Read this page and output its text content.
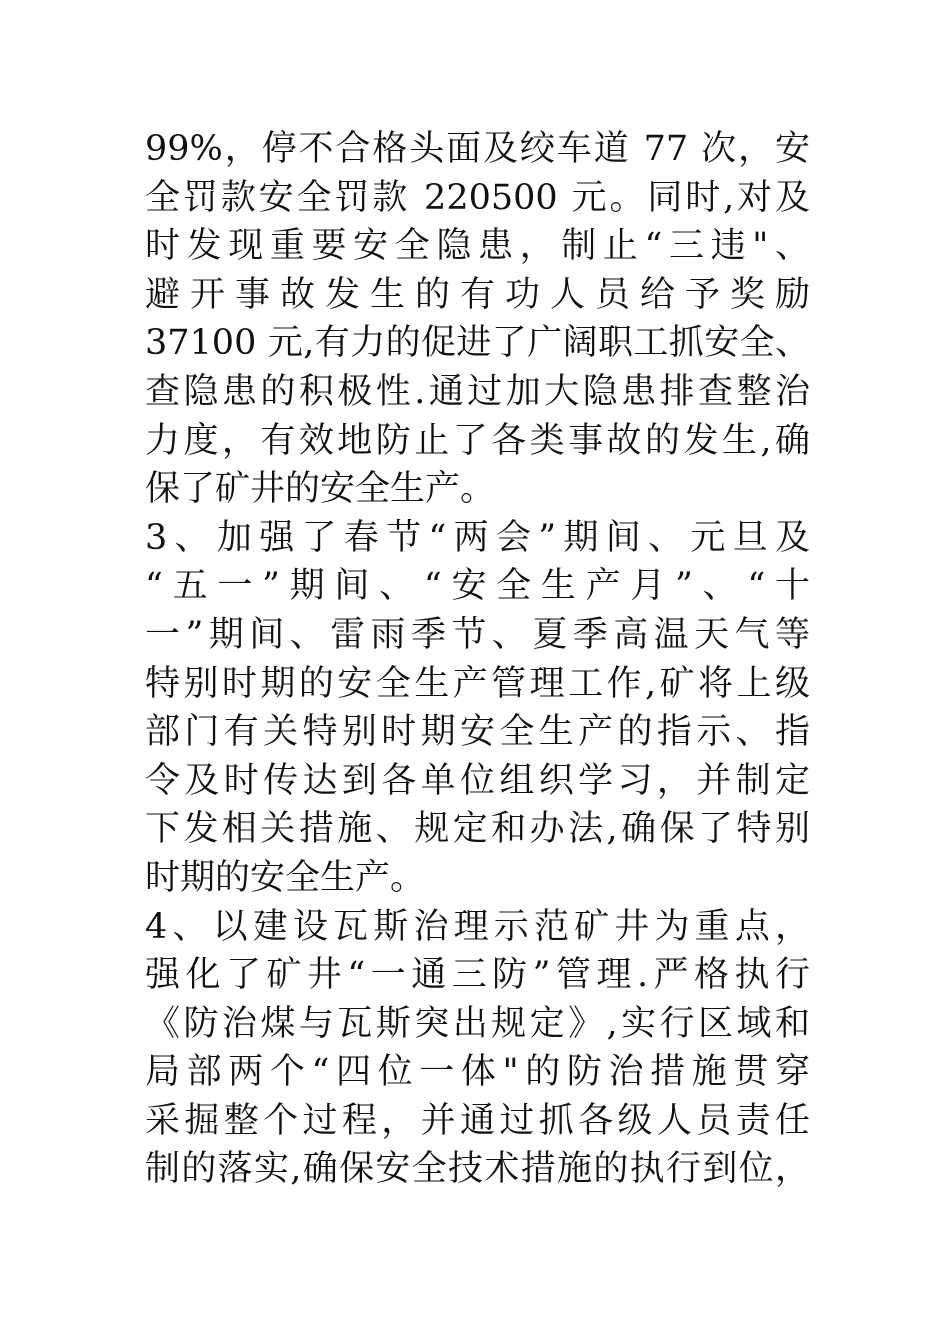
99%，停不合格头面及绞车道 77 次，安
全罚款安全罚款 220500 元。同时,对及
时发现重要安全隐患，制止“三违"、
避开事故发生的有功人员给予奖励
37100 元,有力的促进了广阔职工抓安全、
查隐患的积极性.通过加大隐患排查整治
力度，有效地防止了各类事故的发生,确
保了矿井的安全生产。
3、加强了春节“两会”期间、元旦及
“五一”期间、“安全生产月”、“十
一”期间、雷雨季节、夏季高温天气等
特别时期的安全生产管理工作,矿将上级
部门有关特别时期安全生产的指示、指
令及时传达到各单位组织学习，并制定
下发相关措施、规定和办法,确保了特别
时期的安全生产。
4、以建设瓦斯治理示范矿井为重点，
强化了矿井“一通三防”管理.严格执行
《防治煤与瓦斯突出规定》,实行区域和
局部两个“四位一体"的防治措施贯穿
采掘整个过程，并通过抓各级人员责任
制的落实,确保安全技术措施的执行到位，
